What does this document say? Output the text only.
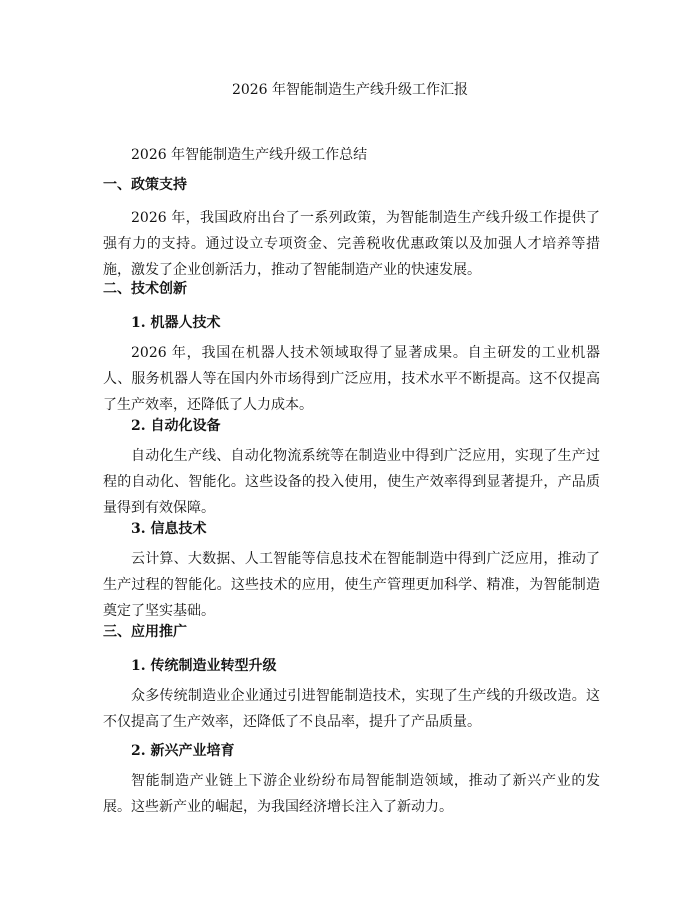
2026 年智能制造生产线升级工作汇报

2026 年智能制造生产线升级工作总结

一、政策支持

2026 年，我国政府出台了一系列政策，为智能制造生产线升级工作提供了强有力的支持。通过设立专项资金、完善税收优惠政策以及加强人才培养等措施，激发了企业创新活力，推动了智能制造产业的快速发展。

二、技术创新
1. 机器人技术

2026 年，我国在机器人技术领域取得了显著成果。自主研发的工业机器人、服务机器人等在国内外市场得到广泛应用，技术水平不断提高。这不仅提高了生产效率，还降低了人力成本。

2. 自动化设备

自动化生产线、自动化物流系统等在制造业中得到广泛应用，实现了生产过程的自动化、智能化。这些设备的投入使用，使生产效率得到显著提升，产品质量得到有效保障。

3. 信息技术

云计算、大数据、人工智能等信息技术在智能制造中得到广泛应用，推动了生产过程的智能化。这些技术的应用，使生产管理更加科学、精准，为智能制造奠定了坚实基础。

三、应用推广
1. 传统制造业转型升级

众多传统制造业企业通过引进智能制造技术，实现了生产线的升级改造。这不仅提高了生产效率，还降低了不良品率，提升了产品质量。

2. 新兴产业培育

智能制造产业链上下游企业纷纷布局智能制造领域，推动了新兴产业的发展。这些新产业的崛起，为我国经济增长注入了新动力。
